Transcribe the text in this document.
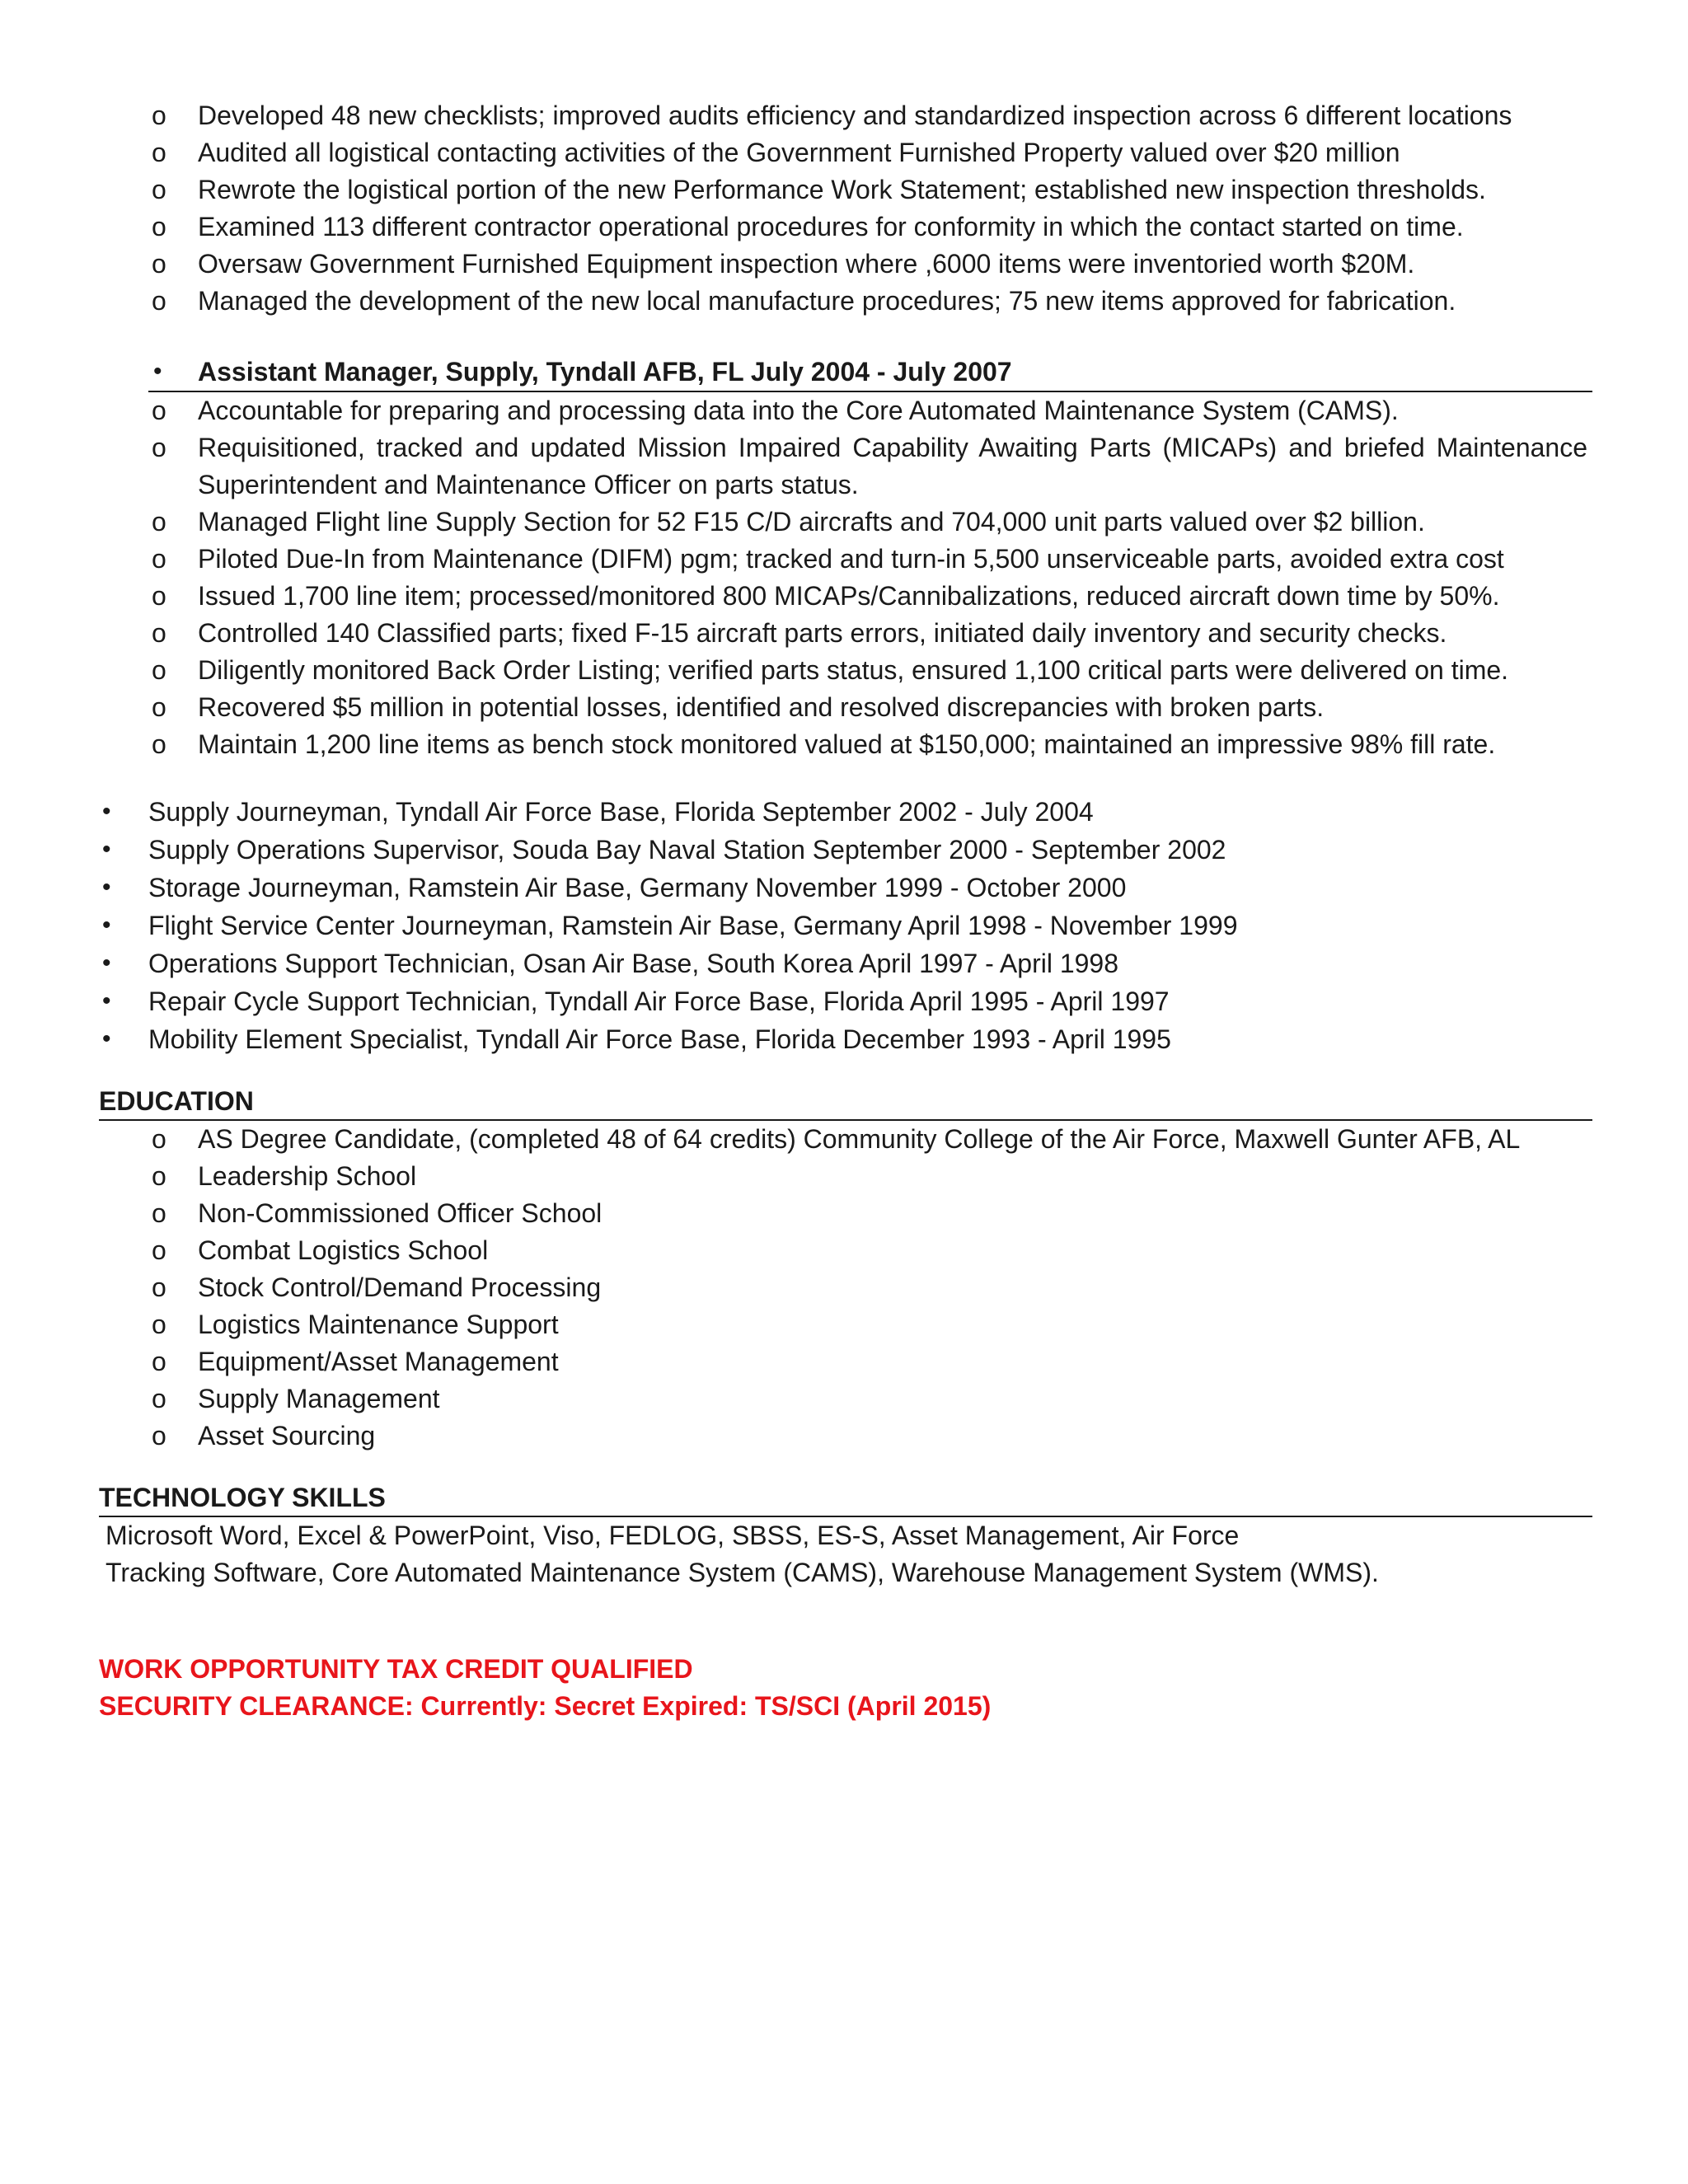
o	Developed 48 new checklists; improved audits efficiency and standardized inspection across 6 different locations
o	Audited all logistical contacting activities of the Government Furnished Property valued over $20 million
o	Rewrote the logistical portion of the new Performance Work Statement; established new inspection thresholds.
o	Examined 113 different contractor operational procedures for conformity in which the contact started on time.
o	Oversaw Government Furnished Equipment inspection where ,6000 items were inventoried worth $20M.
o	Managed the development of the new local manufacture procedures; 75 new items approved for fabrication.
• Assistant Manager, Supply, Tyndall AFB, FL July 2004 - July 2007
o	Accountable for preparing and processing data into the Core Automated Maintenance System (CAMS).
o	Requisitioned, tracked and updated Mission Impaired Capability Awaiting Parts (MICAPs) and briefed Maintenance Superintendent and Maintenance Officer on parts status.
o	Managed Flight line Supply Section for 52 F15 C/D aircrafts and 704,000 unit parts valued over $2 billion.
o	Piloted Due-In from Maintenance (DIFM) pgm; tracked and turn-in 5,500 unserviceable parts, avoided extra cost
o	Issued 1,700 line item; processed/monitored 800 MICAPs/Cannibalizations, reduced aircraft down time by 50%.
o	Controlled 140 Classified parts; fixed F-15 aircraft parts errors, initiated daily inventory and security checks.
o	Diligently monitored Back Order Listing; verified parts status, ensured 1,100 critical parts were delivered on time.
o	Recovered $5 million in potential losses, identified and resolved discrepancies with broken parts.
o	Maintain 1,200 line items as bench stock monitored valued at $150,000; maintained an impressive 98% fill rate.
• Supply Journeyman, Tyndall Air Force Base, Florida September 2002 - July 2004
• Supply Operations Supervisor, Souda Bay Naval Station September 2000 - September 2002
• Storage Journeyman, Ramstein Air Base, Germany November 1999 - October 2000
• Flight Service Center Journeyman, Ramstein Air Base, Germany April 1998 - November 1999
• Operations Support Technician, Osan Air Base, South Korea April 1997 - April 1998
• Repair Cycle Support Technician, Tyndall Air Force Base, Florida April 1995 - April 1997
• Mobility Element Specialist, Tyndall Air Force Base, Florida December 1993 - April 1995
EDUCATION
o	AS Degree Candidate, (completed 48 of 64 credits) Community College of the Air Force, Maxwell Gunter AFB, AL
o	Leadership School
o	Non-Commissioned Officer School
o	Combat Logistics School
o	Stock Control/Demand Processing
o	Logistics Maintenance Support
o	Equipment/Asset Management
o	Supply Management
o	Asset Sourcing
TECHNOLOGY SKILLS
Microsoft Word, Excel & PowerPoint, Viso, FEDLOG, SBSS, ES-S, Asset Management, Air Force
Tracking Software, Core Automated Maintenance System (CAMS), Warehouse Management System (WMS).
WORK OPPORTUNITY TAX CREDIT QUALIFIED
SECURITY CLEARANCE: Currently: Secret Expired: TS/SCI (April 2015)
